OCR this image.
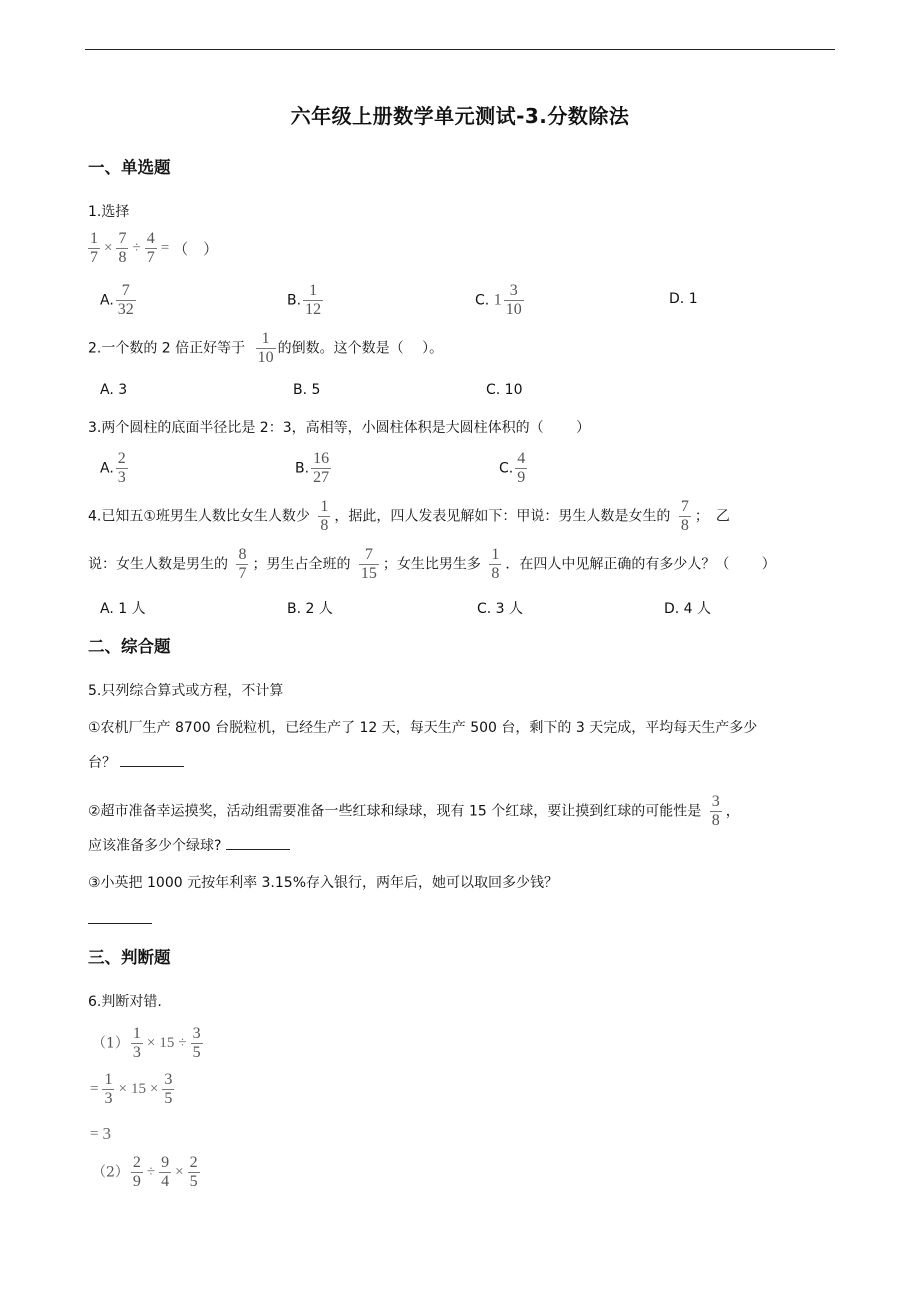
六年级上册数学单元测试-3.分数除法
一、单选题
1.选择
$\frac{1}{7} \times \frac{7}{8} \div \frac{4}{7}$ = （　）
A. $\frac{7}{32}$	B. $\frac{1}{12}$	C. $1 \frac{3}{10}$	D. 1
2.一个数的 2 倍正好等于 $\frac{1}{10}$ 的倒数。这个数是（　 ）。
A. 3	B. 5	C. 10
3.两个圆柱的底面半径比是 2：3，高相等，小圆柱体积是大圆柱体积的（　　 ）
A. $\frac{2}{3}$	B. $\frac{16}{27}$	C. $\frac{4}{9}$
4.已知五①班男生人数比女生人数少 $\frac{1}{8}$ ，据此，四人发表见解如下：甲说：男生人数是女生的 $\frac{7}{8}$ ；　乙
说：女生人数是男生的 $\frac{8}{7}$ ；男生占全班的 $\frac{7}{15}$ ；女生比男生多 $\frac{1}{8}$ ．在四人中见解正确的有多少人？（　　 ）
A. 1 人	B. 2 人	C. 3 人	D. 4 人
二、综合题
5.只列综合算式或方程，不计算
①农机厂生产 8700 台脱粒机，已经生产了 12 天，每天生产 500 台，剩下的 3 天完成，平均每天生产多少
台？
②超市准备幸运摸奖，活动组需要准备一些红球和绿球，现有 15 个红球，要让摸到红球的可能性是 $\frac{3}{8}$ ，
应该准备多少个绿球?
③小英把 1000 元按年利率 3.15%存入银行，两年后，她可以取回多少钱？
三、判断题
6.判断对错.
$(1) \frac{1}{3} \times 15 \div \frac{3}{5}$
= $\frac{1}{3} \times 15 \times \frac{3}{5}$
= 3
$(2) \frac{2}{9} \div \frac{9}{4} \times \frac{2}{5}$
